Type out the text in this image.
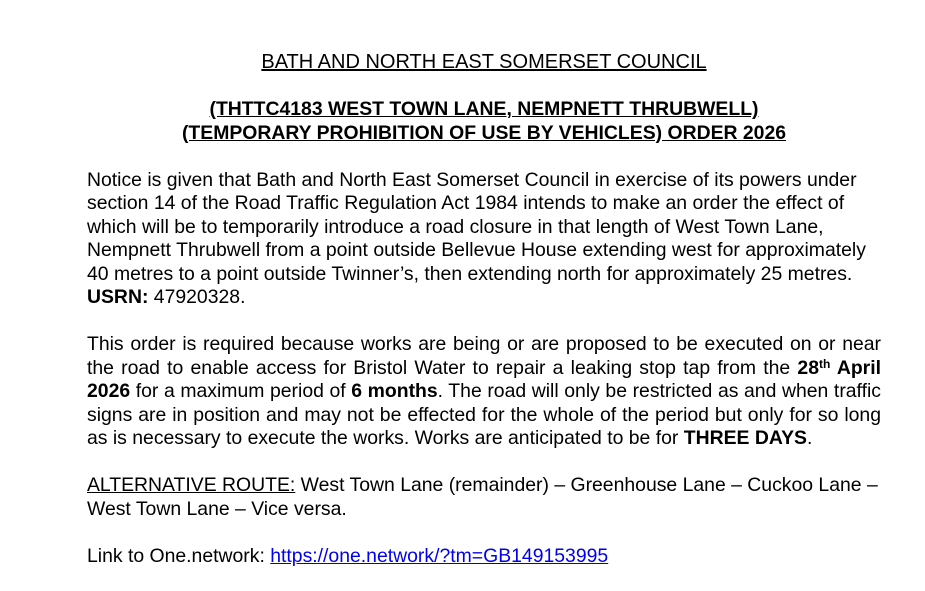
BATH AND NORTH EAST SOMERSET COUNCIL
(THTTC4183 WEST TOWN LANE, NEMPNETT THRUBWELL)
(TEMPORARY PROHIBITION OF USE BY VEHICLES) ORDER 2026

Notice is given that Bath and North East Somerset Council in exercise of its powers under section 14 of the Road Traffic Regulation Act 1984 intends to make an order the effect of which will be to temporarily introduce a road closure in that length of West Town Lane, Nempnett Thrubwell from a point outside Bellevue House extending west for approximately 40 metres to a point outside Twinner’s, then extending north for approximately 25 metres. USRN: 47920328.

This order is required because works are being or are proposed to be executed on or near the road to enable access for Bristol Water to repair a leaking stop tap from the 28th April 2026 for a maximum period of 6 months. The road will only be restricted as and when traffic signs are in position and may not be effected for the whole of the period but only for so long as is necessary to execute the works. Works are anticipated to be for THREE DAYS.

ALTERNATIVE ROUTE: West Town Lane (remainder) – Greenhouse Lane – Cuckoo Lane – West Town Lane – Vice versa.

Link to One.network: https://one.network/?tm=GB149153995
